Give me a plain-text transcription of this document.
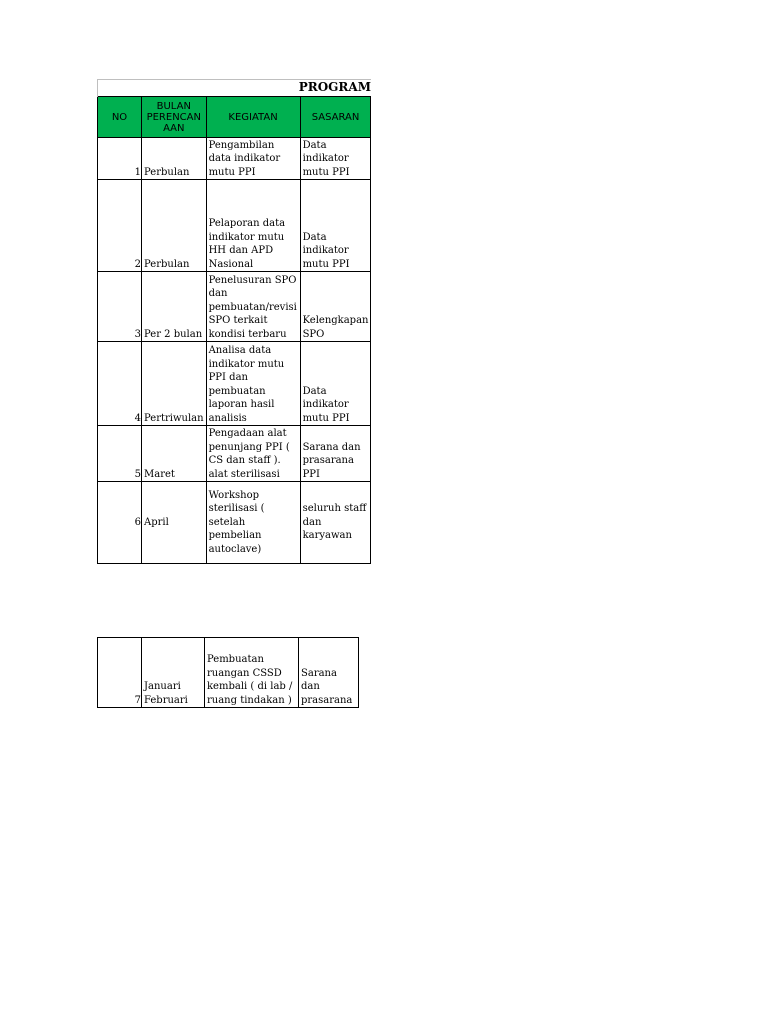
PROGRAM			
NO	BULAN PERENCAN AAN	KEGIATAN	SASARAN
1	Perbulan	Pengambilan data indikator mutu PPI	Data indikator mutu PPI
2	Perbulan	Pelaporan data indikator mutu HH dan APD Nasional	Data indikator mutu PPI
3	Per 2 bulan	Penelusuran SPO dan pembuatan/revisi SPO terkait kondisi terbaru	Kelengkapan SPO
4	Pertriwulan	Analisa data indikator mutu PPI dan pembuatan laporan hasil analisis	Data indikator mutu PPI
5	Maret	Pengadaan alat penunjang PPI ( CS dan staff ). alat sterilisasi	Sarana dan prasarana PPI
6	April	Workshop sterilisasi ( setelah pembelian autoclave)	seluruh staff dan karyawan
7	Januari Februari	Pembuatan ruangan CSSD kembali ( di lab / ruang tindakan )	Sarana dan prasarana
